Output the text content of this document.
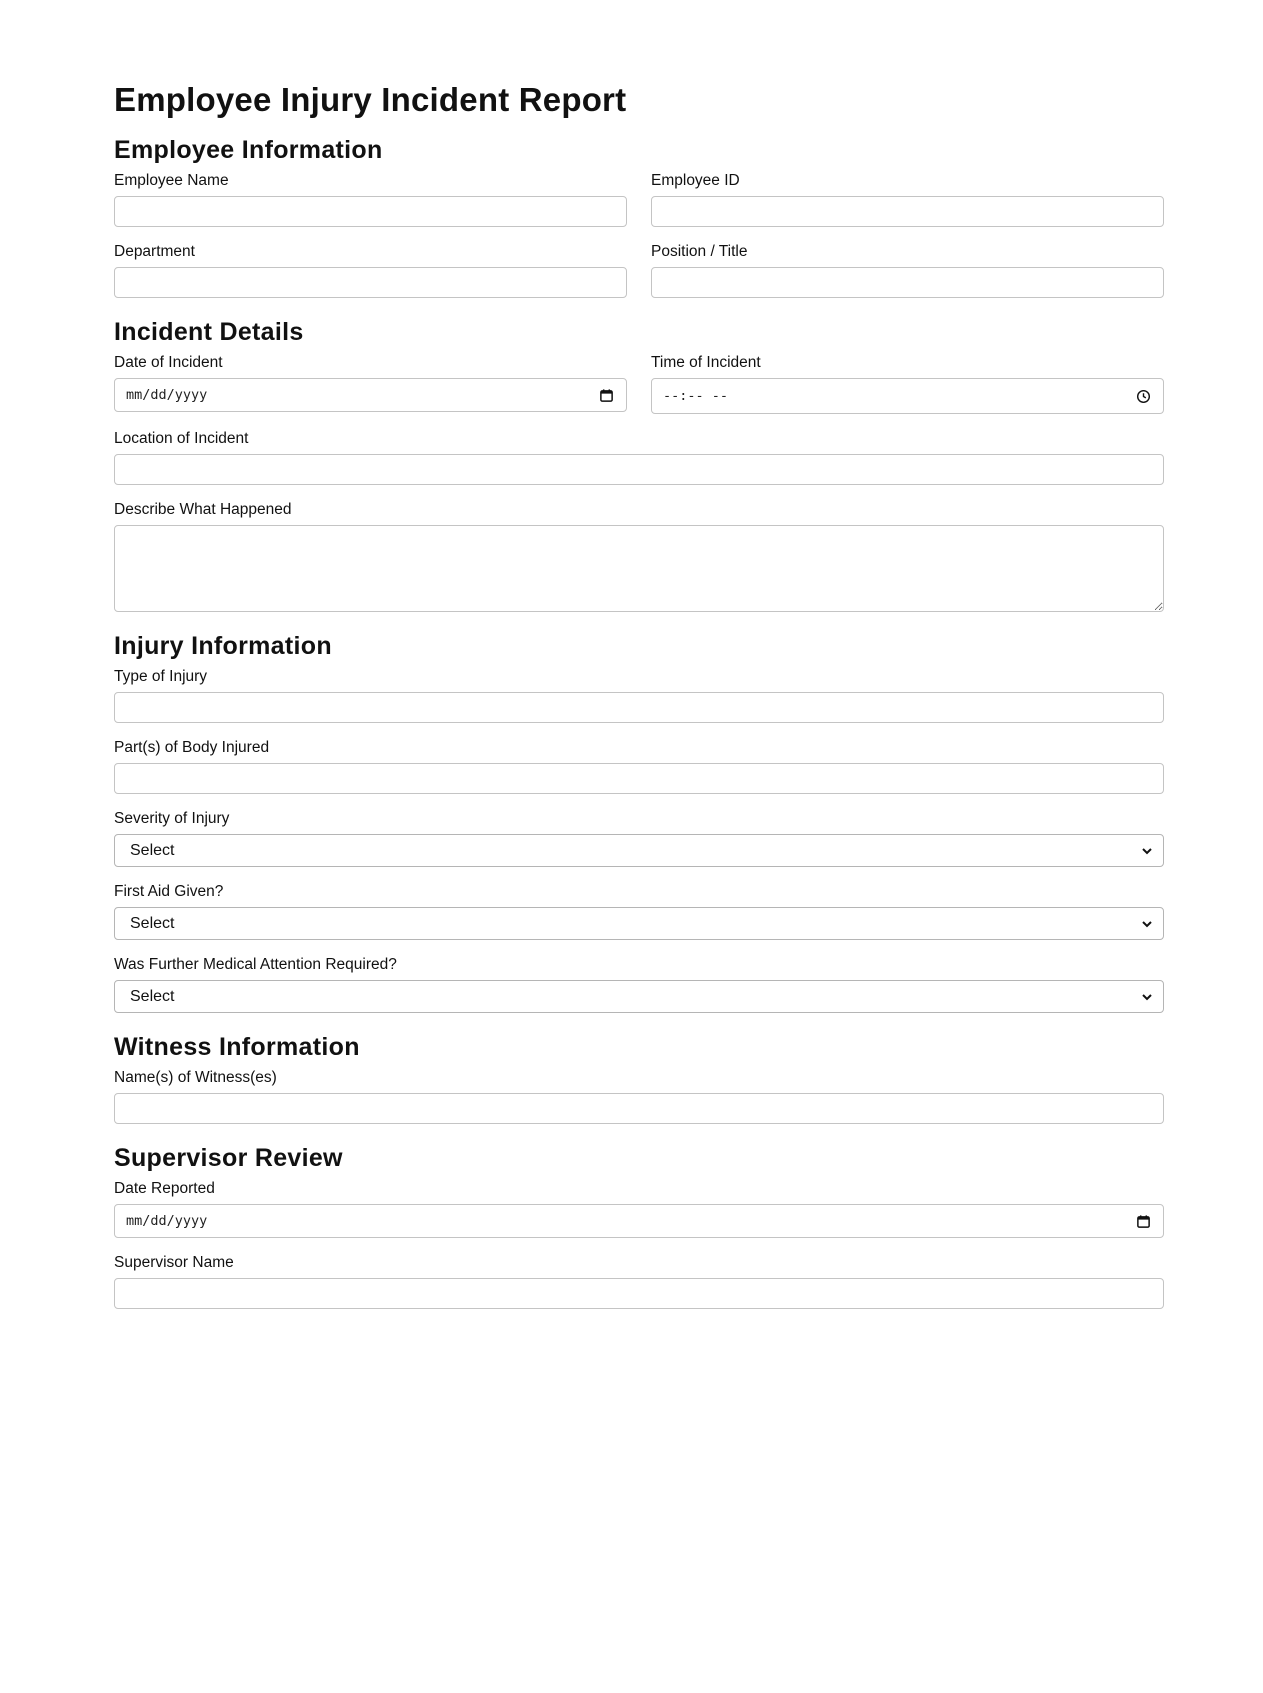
Employee Injury Incident Report
Employee Information
Employee Name	Employee ID
Department	Position / Title
Incident Details
Date of Incident
mm/dd/yyyy
Time of Incident
--:-- --
Location of Incident
Describe What Happened
Injury Information
Type of Injury
Part(s) of Body Injured
Severity of Injury
Select
First Aid Given?
Select
Was Further Medical Attention Required?
Select
Witness Information
Name(s) of Witness(es)
Supervisor Review
Date Reported
mm/dd/yyyy
Supervisor Name
